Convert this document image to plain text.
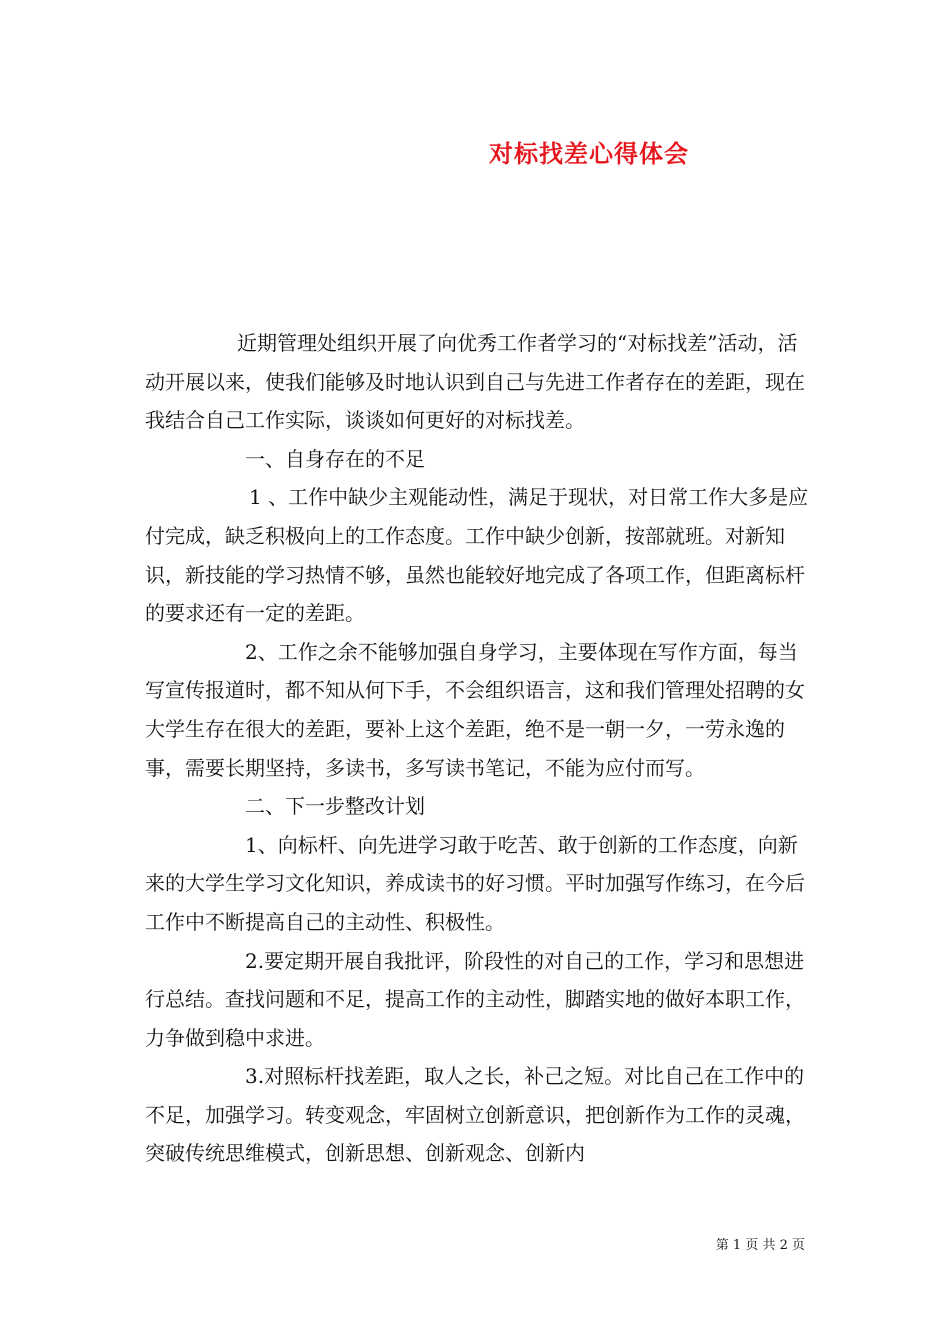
对标找差心得体会

近期管理处组织开展了向优秀工作者学习的“对标找差”活动，活动开展以来，使我们能够及时地认识到自己与先进工作者存在的差距，现在我结合自己工作实际，谈谈如何更好的对标找差。

一、自身存在的不足

1 、工作中缺少主观能动性，满足于现状，对日常工作大多是应付完成，缺乏积极向上的工作态度。工作中缺少创新，按部就班。对新知识，新技能的学习热情不够，虽然也能较好地完成了各项工作，但距离标杆的要求还有一定的差距。

2、工作之余不能够加强自身学习，主要体现在写作方面，每当写宣传报道时，都不知从何下手，不会组织语言，这和我们管理处招聘的女大学生存在很大的差距，要补上这个差距，绝不是一朝一夕，一劳永逸的事，需要长期坚持，多读书，多写读书笔记，不能为应付而写。

二、下一步整改计划

1、向标杆、向先进学习敢于吃苦、敢于创新的工作态度，向新来的大学生学习文化知识，养成读书的好习惯。平时加强写作练习，在今后工作中不断提高自己的主动性、积极性。

2.要定期开展自我批评，阶段性的对自己的工作，学习和思想进行总结。查找问题和不足，提高工作的主动性，脚踏实地的做好本职工作，力争做到稳中求进。

3.对照标杆找差距，取人之长，补己之短。对比自己在工作中的不足，加强学习。转变观念，牢固树立创新意识，把创新作为工作的灵魂，突破传统思维模式，创新思想、创新观念、创新内

第 1 页 共 2 页
